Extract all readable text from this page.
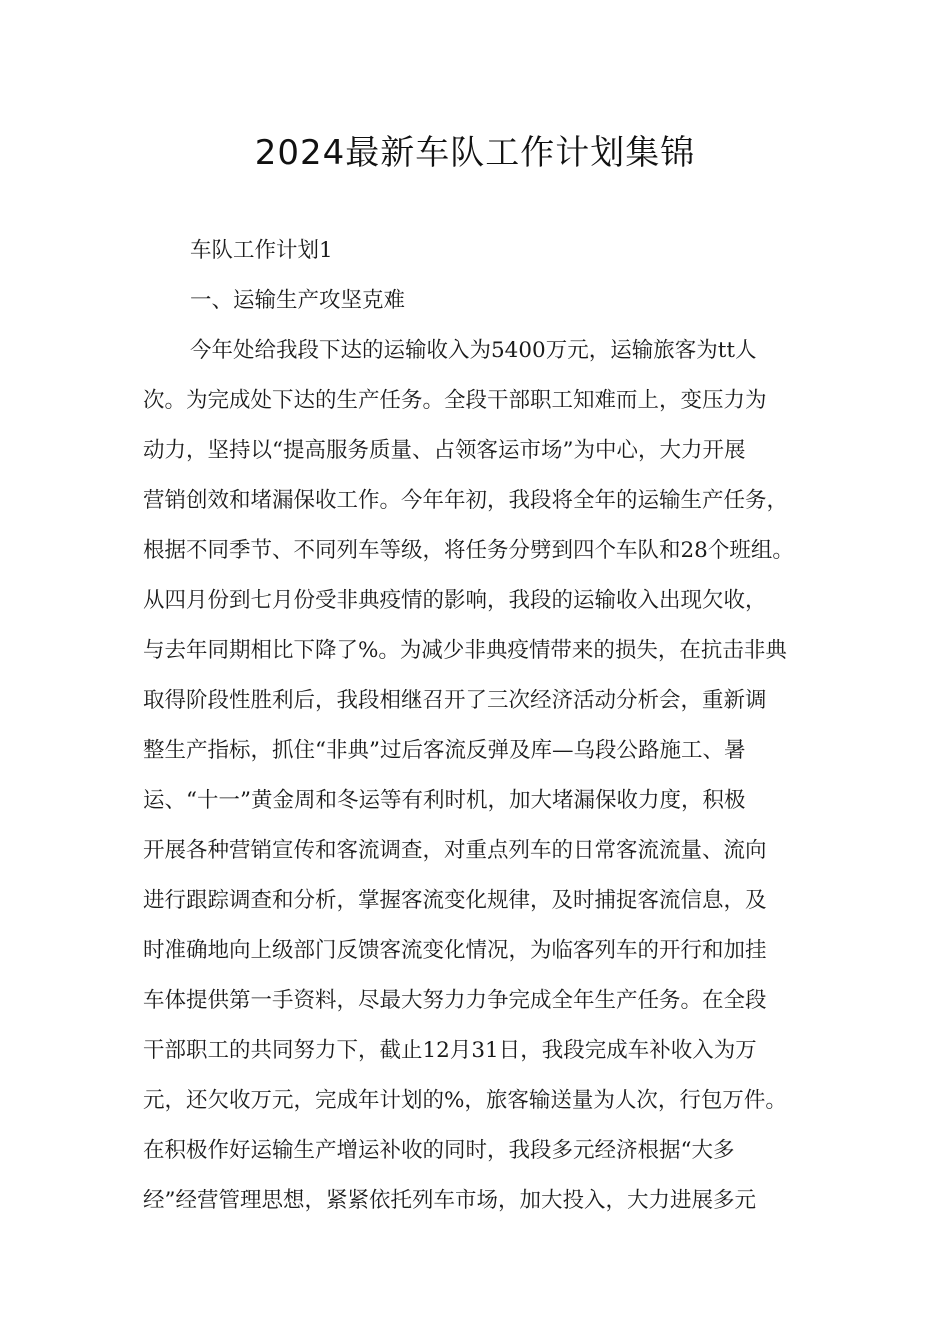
2024最新车队工作计划集锦

车队工作计划1

一、运输生产攻坚克难

今年处给我段下达的运输收入为5400万元，运输旅客为tt人
次。为完成处下达的生产任务。全段干部职工知难而上，变压力为
动力，坚持以“提高服务质量、占领客运市场”为中心，大力开展
营销创效和堵漏保收工作。今年年初，我段将全年的运输生产任务，
根据不同季节、不同列车等级，将任务分劈到四个车队和28个班组。
从四月份到七月份受非典疫情的影响，我段的运输收入出现欠收，
与去年同期相比下降了%。为减少非典疫情带来的损失，在抗击非典
取得阶段性胜利后，我段相继召开了三次经济活动分析会，重新调
整生产指标，抓住“非典”过后客流反弹及库—乌段公路施工、暑
运、“十一”黄金周和冬运等有利时机，加大堵漏保收力度，积极
开展各种营销宣传和客流调查，对重点列车的日常客流流量、流向
进行跟踪调查和分析，掌握客流变化规律，及时捕捉客流信息，及
时准确地向上级部门反馈客流变化情况，为临客列车的开行和加挂
车体提供第一手资料，尽最大努力力争完成全年生产任务。在全段
干部职工的共同努力下，截止12月31日，我段完成车补收入为万
元，还欠收万元，完成年计划的%，旅客输送量为人次，行包万件。
在积极作好运输生产增运补收的同时，我段多元经济根据“大多
经”经营管理思想，紧紧依托列车市场，加大投入，大力进展多元
